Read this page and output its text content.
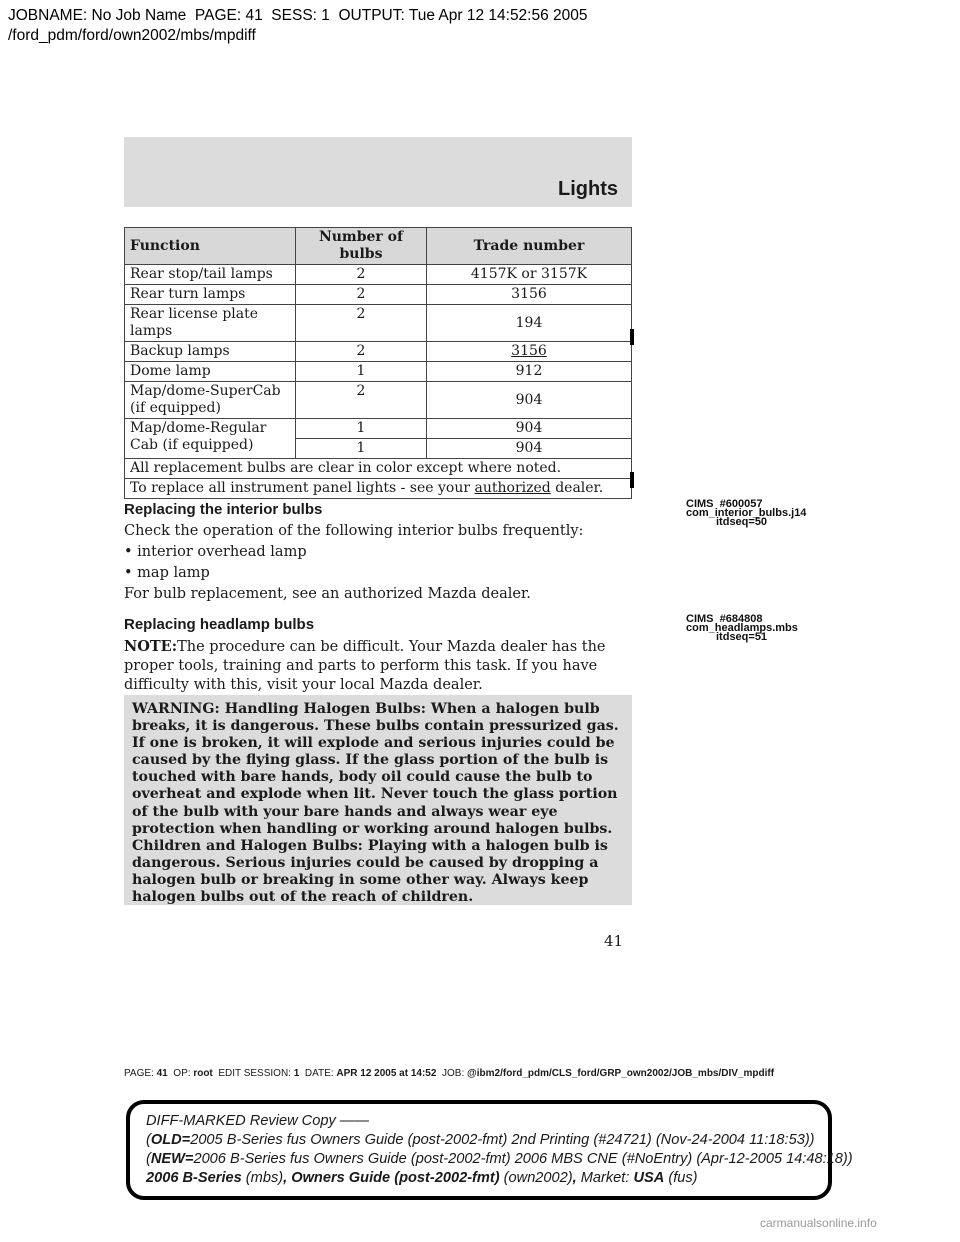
JOBNAME: No Job Name  PAGE: 41  SESS: 1  OUTPUT: Tue Apr 12 14:52:56 2005
/ford_pdm/ford/own2002/mbs/mpdiff
Lights
Function	Number of bulbs	Trade number
Rear stop/tail lamps	2	4157K or 3157K
Rear turn lamps	2	3156
Rear license plate lamps	2	194
Backup lamps	2	3156
Dome lamp	1	912
Map/dome-SuperCab (if equipped)	2	904
Map/dome-Regular Cab (if equipped)	1	904
	1	904
All replacement bulbs are clear in color except where noted.		
To replace all instrument panel lights - see your authorized dealer.		
CIMS  #600057
com_interior_bulbs.j14
itdseq=50
CIMS  #684808
com_headlamps.mbs
itdseq=51
Replacing the interior bulbs
Check the operation of the following interior bulbs frequently:
• interior overhead lamp
• map lamp
For bulb replacement, see an authorized Mazda dealer.
Replacing headlamp bulbs
NOTE:The procedure can be difficult. Your Mazda dealer has the proper tools, training and parts to perform this task. If you have difficulty with this, visit your local Mazda dealer.
WARNING: Handling Halogen Bulbs: When a halogen bulb breaks, it is dangerous. These bulbs contain pressurized gas. If one is broken, it will explode and serious injuries could be caused by the flying glass. If the glass portion of the bulb is touched with bare hands, body oil could cause the bulb to overheat and explode when lit. Never touch the glass portion of the bulb with your bare hands and always wear eye protection when handling or working around halogen bulbs.
Children and Halogen Bulbs: Playing with a halogen bulb is dangerous. Serious injuries could be caused by dropping a halogen bulb or breaking in some other way. Always keep halogen bulbs out of the reach of children.
41
PAGE: 41 OP: root EDIT SESSION: 1 DATE: APR 12 2005 at 14:52 JOB: @ibm2/ford_pdm/CLS_ford/GRP_own2002/JOB_mbs/DIV_mpdiff
DIFF-MARKED Review Copy ——
(OLD=2005 B-Series fus Owners Guide (post-2002-fmt) 2nd Printing (#24721) (Nov-24-2004 11:18:53))
(NEW=2006 B-Series fus Owners Guide (post-2002-fmt) 2006 MBS CNE (#NoEntry) (Apr-12-2005 14:48:18))
2006 B-Series (mbs), Owners Guide (post-2002-fmt) (own2002), Market: USA (fus)
carmanualsonline.info
